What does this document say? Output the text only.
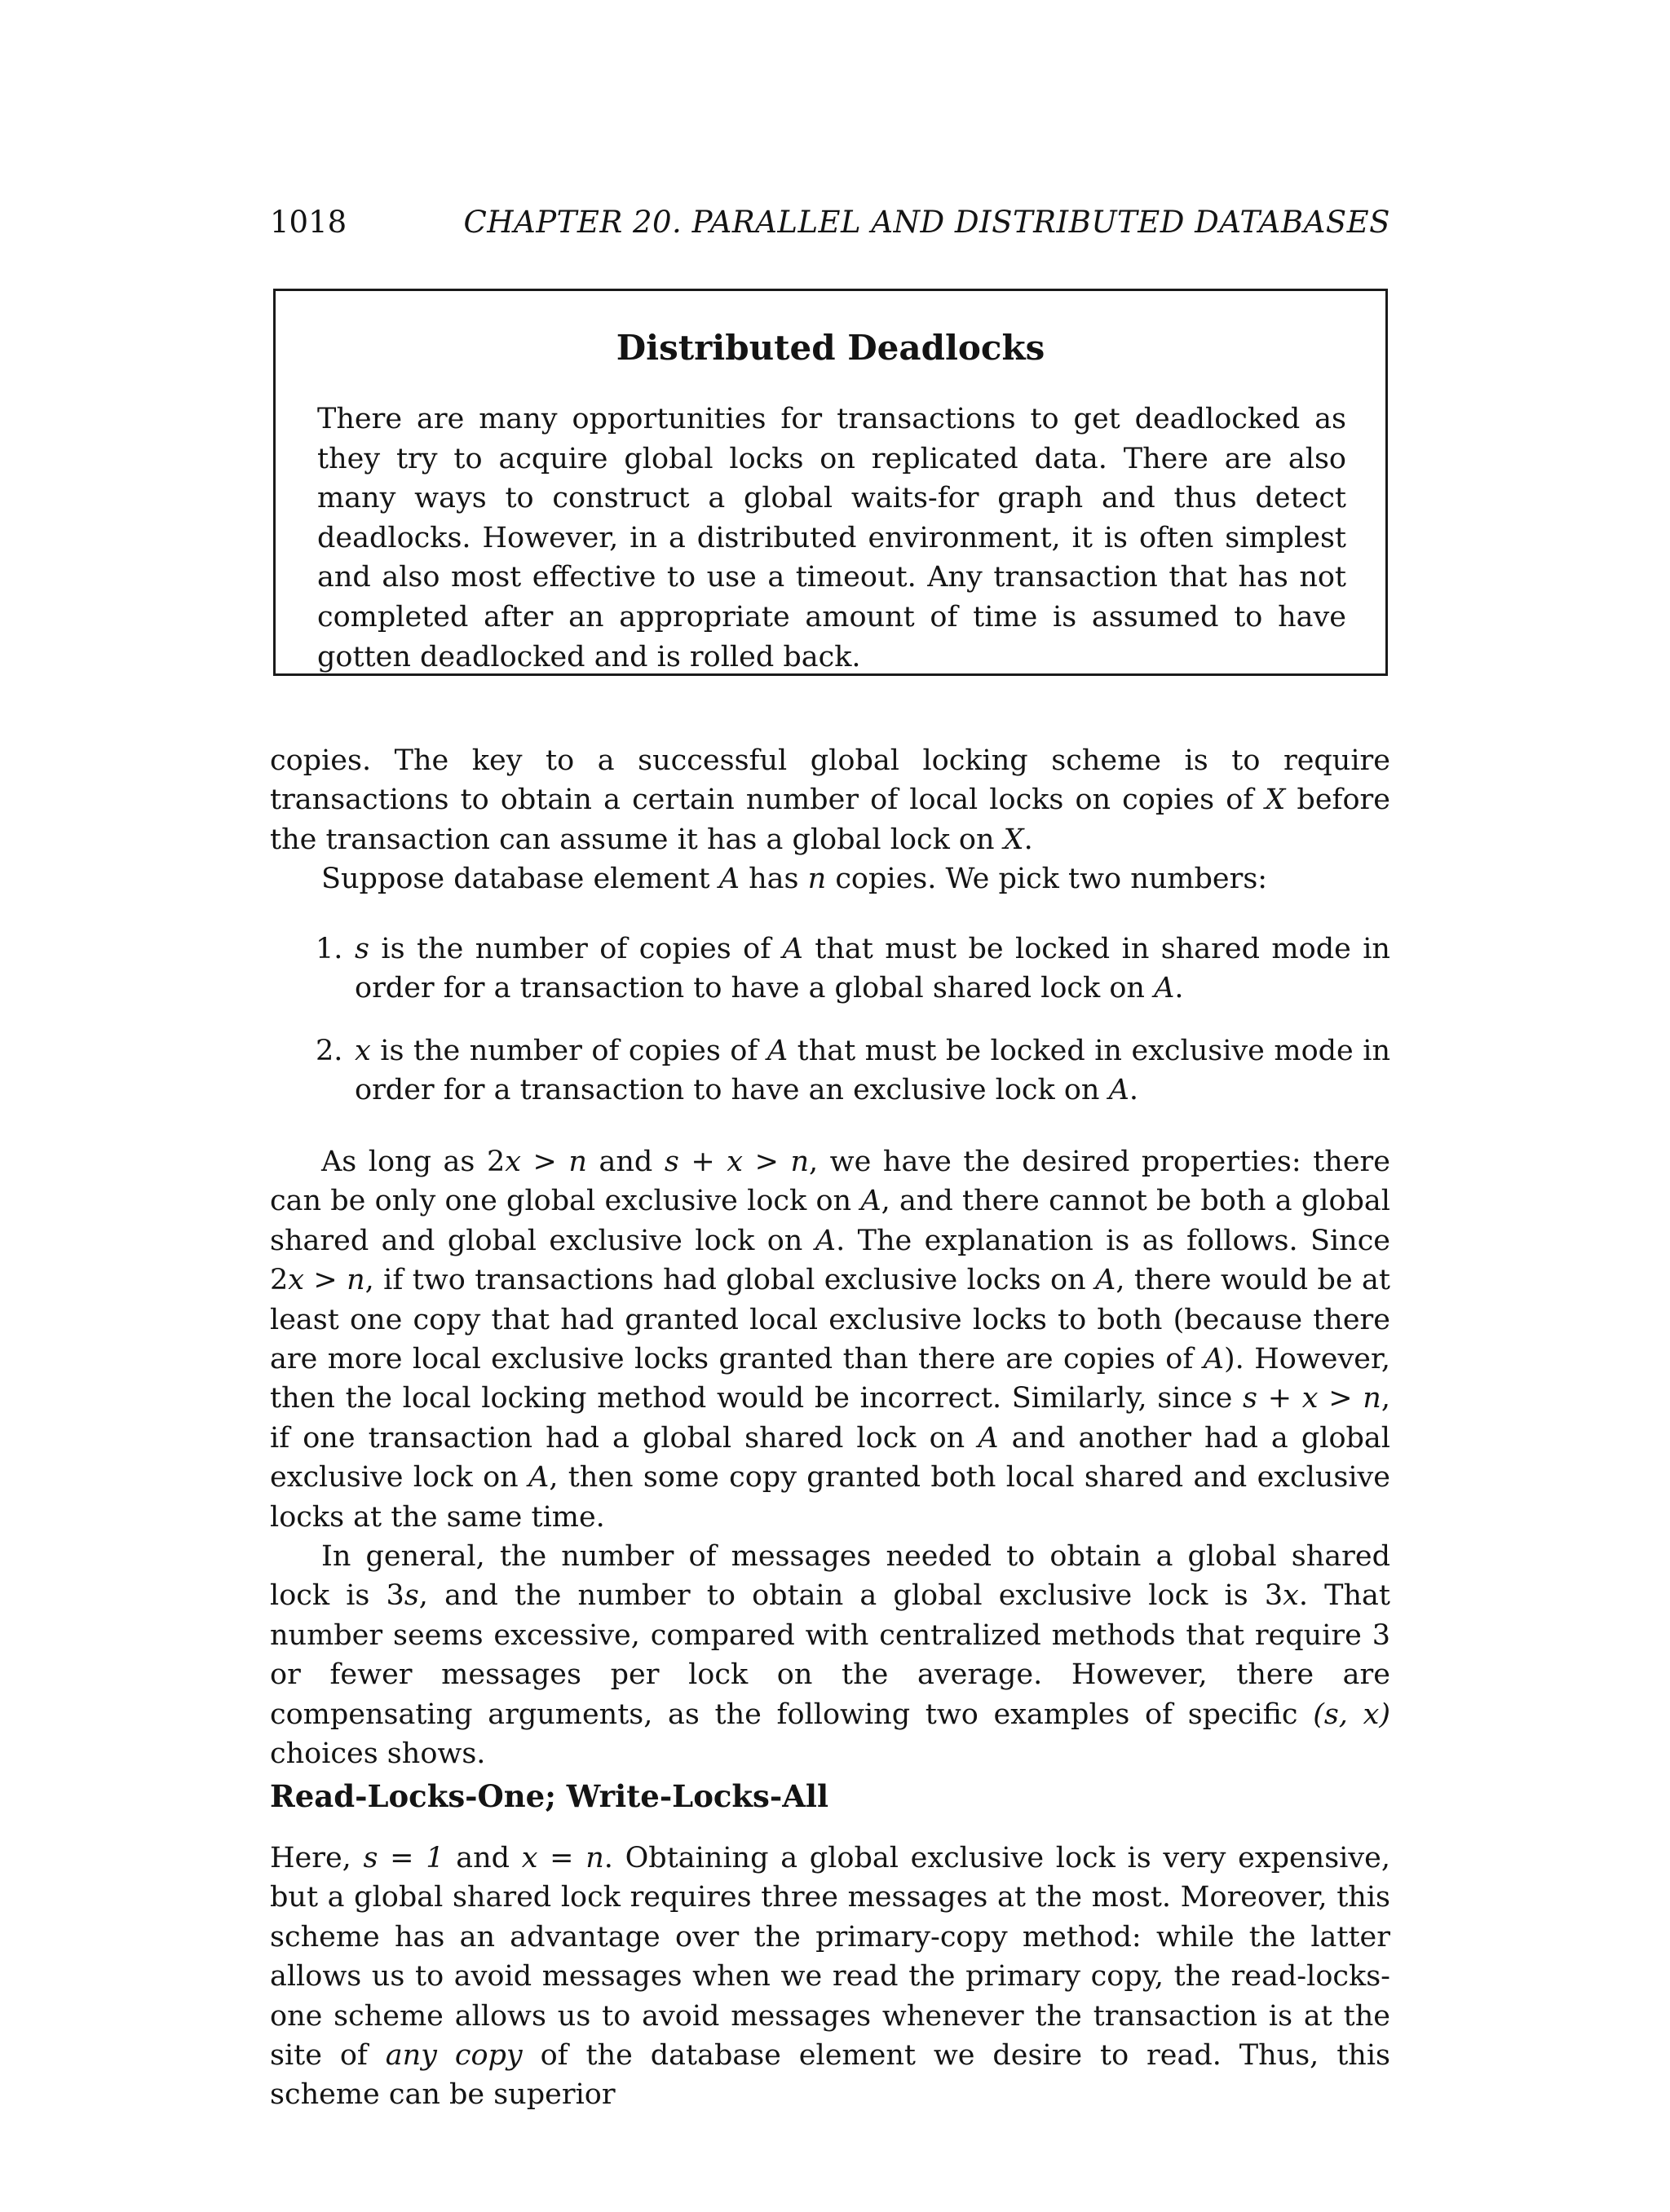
1018	CHAPTER 20. PARALLEL AND DISTRIBUTED DATABASES
Distributed Deadlocks

There are many opportunities for transactions to get deadlocked as they try to acquire global locks on replicated data. There are also many ways to construct a global waits-for graph and thus detect deadlocks. However, in a distributed environment, it is often simplest and also most effective to use a timeout. Any transaction that has not completed after an appropriate amount of time is assumed to have gotten deadlocked and is rolled back.

copies. The key to a successful global locking scheme is to require transactions to obtain a certain number of local locks on copies of X before the transaction can assume it has a global lock on X.

Suppose database element A has n copies. We pick two numbers:

1. s is the number of copies of A that must be locked in shared mode in order for a transaction to have a global shared lock on A.

2. x is the number of copies of A that must be locked in exclusive mode in order for a transaction to have an exclusive lock on A.

As long as 2x > n and s + x > n, we have the desired properties: there can be only one global exclusive lock on A, and there cannot be both a global shared and global exclusive lock on A. The explanation is as follows. Since 2x > n, if two transactions had global exclusive locks on A, there would be at least one copy that had granted local exclusive locks to both (because there are more local exclusive locks granted than there are copies of A). However, then the local locking method would be incorrect. Similarly, since s + x > n, if one transaction had a global shared lock on A and another had a global exclusive lock on A, then some copy granted both local shared and exclusive locks at the same time.

In general, the number of messages needed to obtain a global shared lock is 3s, and the number to obtain a global exclusive lock is 3x. That number seems excessive, compared with centralized methods that require 3 or fewer messages per lock on the average. However, there are compensating arguments, as the following two examples of specific (s, x) choices shows.

Read-Locks-One; Write-Locks-All

Here, s = 1 and x = n. Obtaining a global exclusive lock is very expensive, but a global shared lock requires three messages at the most. Moreover, this scheme has an advantage over the primary-copy method: while the latter allows us to avoid messages when we read the primary copy, the read-locks-one scheme allows us to avoid messages whenever the transaction is at the site of any copy of the database element we desire to read. Thus, this scheme can be superior
